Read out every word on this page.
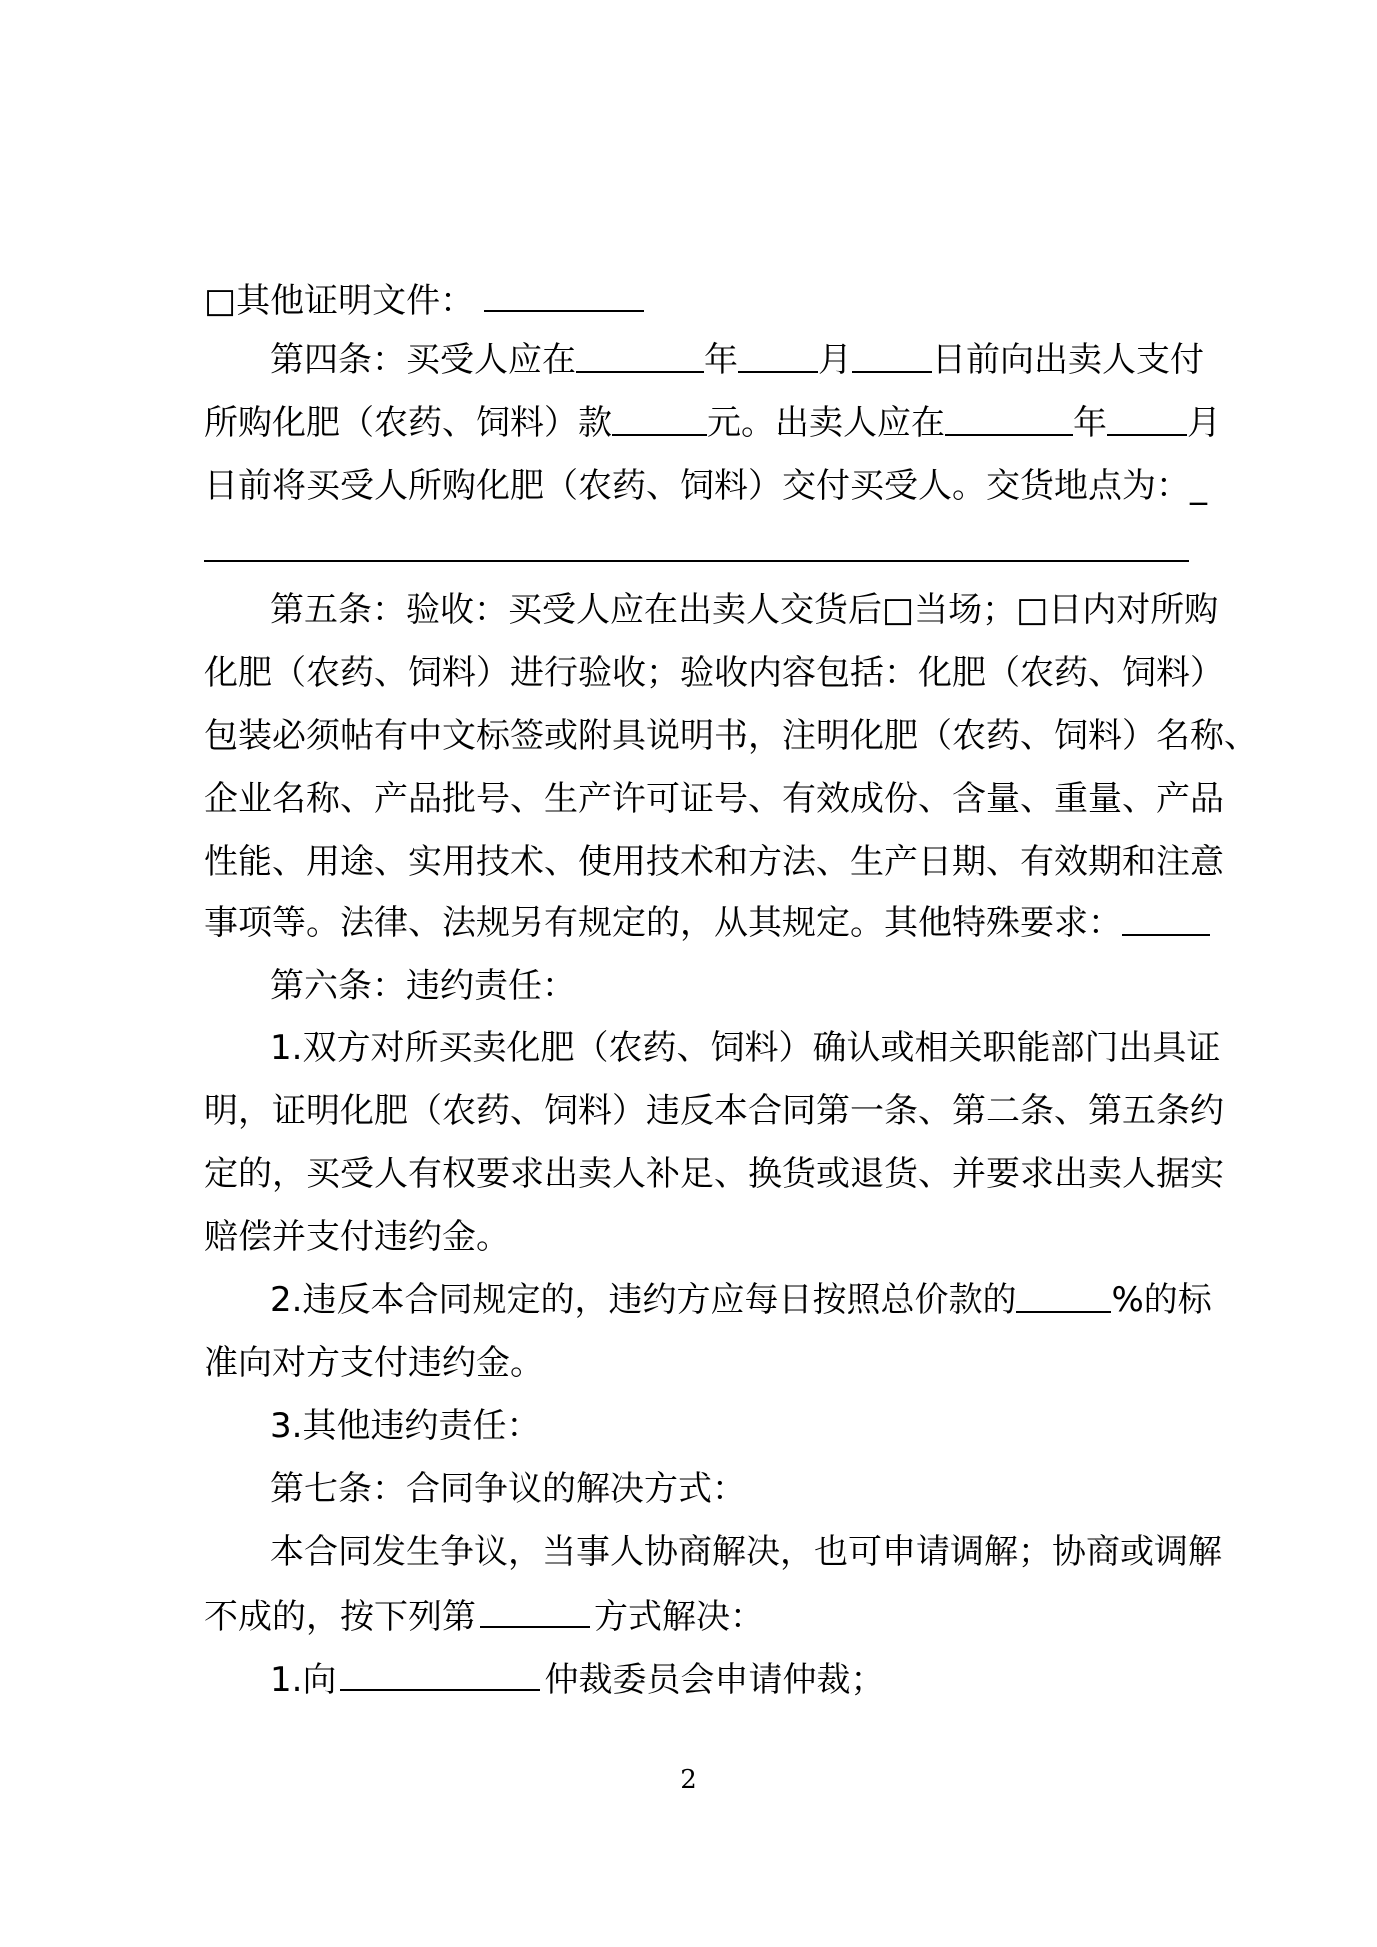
□其他证明文件：
第四条：买受人应在	年 月 日前向出卖人支付
所购化肥（农药、饲料）款	元。出卖人应在	年 月
日前将买受人所购化肥（农药、饲料）交付买受人。交货地点为：_
第五条：验收：买受人应在出卖人交货后□当场；□日内对所购
化肥（农药、饲料）进行验收；验收内容包括：化肥（农药、饲料）
包装必须帖有中文标签或附具说明书，注明化肥（农药、饲料）名称、
企业名称、产品批号、生产许可证号、有效成份、含量、重量、产品
性能、用途、实用技术、使用技术和方法、生产日期、有效期和注意
事项等。法律、法规另有规定的，从其规定。其他特殊要求：
第六条：违约责任：
1.双方对所买卖化肥（农药、饲料）确认或相关职能部门出具证
明，证明化肥（农药、饲料）违反本合同第一条、第二条、第五条约
定的，买受人有权要求出卖人补足、换货或退货、并要求出卖人据实
赔偿并支付违约金。
2.违反本合同规定的，违约方应每日按照总价款的	%的标
准向对方支付违约金。
3.其他违约责任：
第七条：合同争议的解决方式：
本合同发生争议，当事人协商解决，也可申请调解；协商或调解
不成的，按下列第	方式解决：
1.向	仲裁委员会申请仲裁；
2
